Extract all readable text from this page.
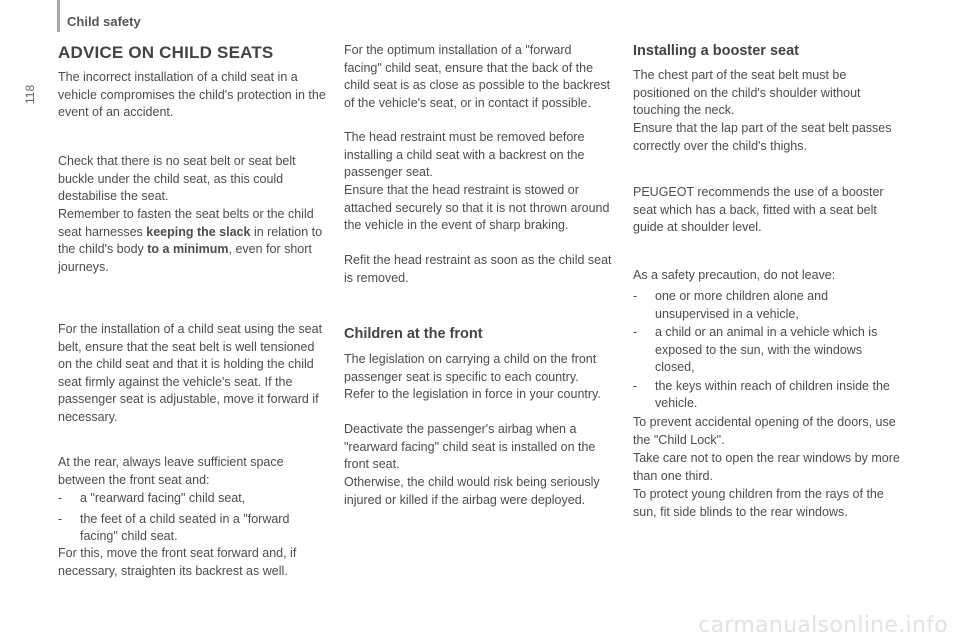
Child safety
118
ADVICE ON CHILD SEATS

The incorrect installation of a child seat in a vehicle compromises the child's protection in the event of an accident.

Check that there is no seat belt or seat belt buckle under the child seat, as this could destabilise the seat.

Remember to fasten the seat belts or the child seat harnesses keeping the slack in relation to the child's body to a minimum, even for short journeys.

For the installation of a child seat using the seat belt, ensure that the seat belt is well tensioned on the child seat and that it is holding the child seat firmly against the vehicle's seat. If the passenger seat is adjustable, move it forward if necessary.

At the rear, always leave sufficient space between the front seat and:

-	a "rearward facing" child seat,
-	the feet of a child seated in a "forward facing" child seat.

For this, move the front seat forward and, if necessary, straighten its backrest as well.

For the optimum installation of a "forward facing" child seat, ensure that the back of the child seat is as close as possible to the backrest of the vehicle's seat, or in contact if possible.

The head restraint must be removed before installing a child seat with a backrest on the passenger seat.

Ensure that the head restraint is stowed or attached securely so that it is not thrown around the vehicle in the event of sharp braking.

Refit the head restraint as soon as the child seat is removed.

Children at the front

The legislation on carrying a child on the front passenger seat is specific to each country. Refer to the legislation in force in your country.

Deactivate the passenger's airbag when a "rearward facing" child seat is installed on the front seat.

Otherwise, the child would risk being seriously injured or killed if the airbag were deployed.

Installing a booster seat

The chest part of the seat belt must be positioned on the child's shoulder without touching the neck.

Ensure that the lap part of the seat belt passes correctly over the child's thighs.

PEUGEOT recommends the use of a booster seat which has a back, fitted with a seat belt guide at shoulder level.

As a safety precaution, do not leave:

-	one or more children alone and unsupervised in a vehicle,
-	a child or an animal in a vehicle which is exposed to the sun, with the windows closed,
-	the keys within reach of children inside the vehicle.

To prevent accidental opening of the doors, use the "Child Lock".

Take care not to open the rear windows by more than one third.

To protect young children from the rays of the sun, fit side blinds to the rear windows.

carmanualsonline.info
